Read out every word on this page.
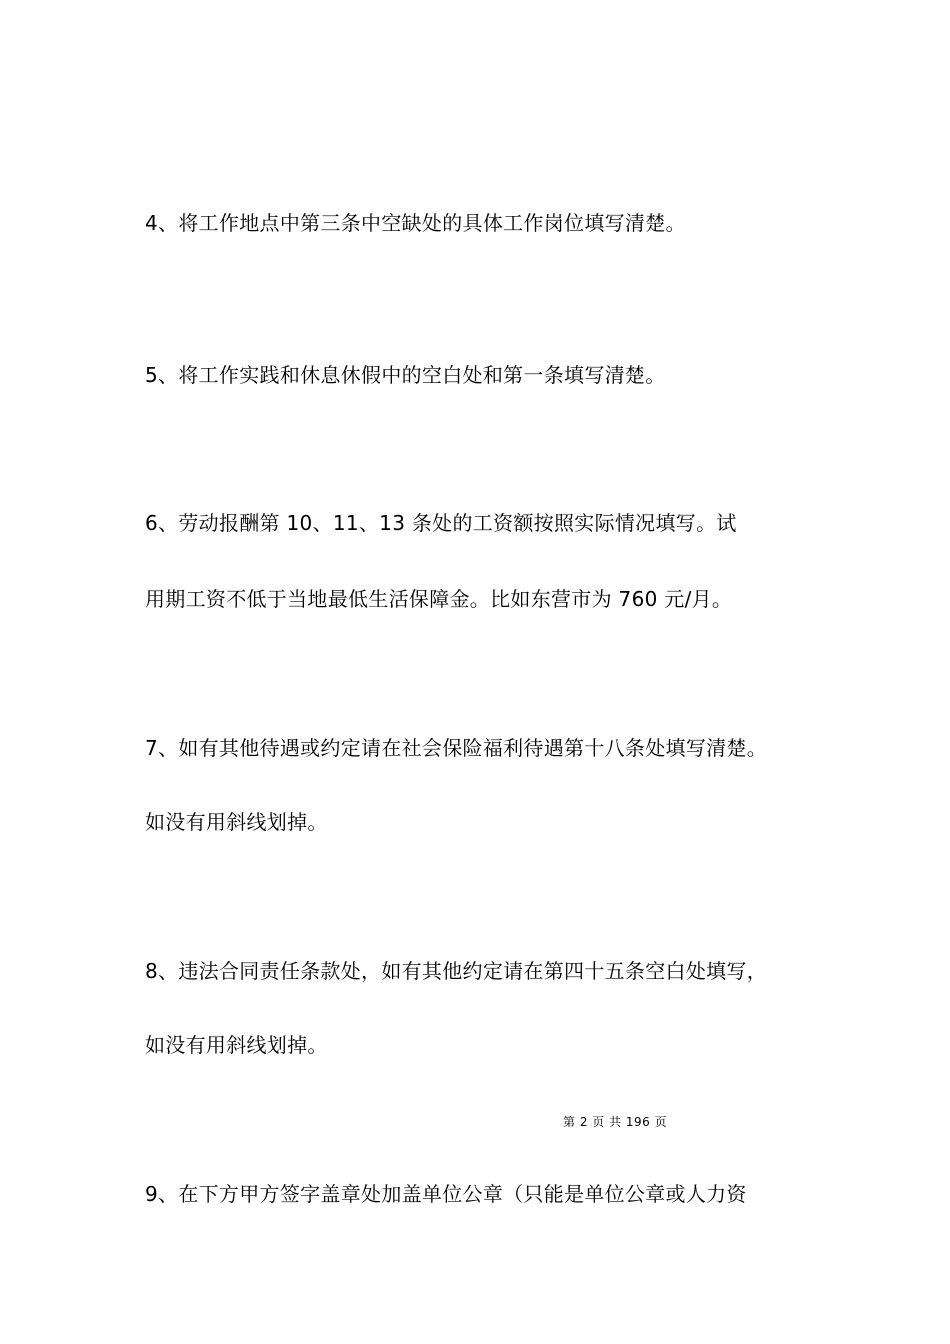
4、将工作地点中第三条中空缺处的具体工作岗位填写清楚。
5、将工作实践和休息休假中的空白处和第一条填写清楚。
6、劳动报酬第 10、11、13 条处的工资额按照实际情况填写。试
用期工资不低于当地最低生活保障金。比如东营市为 760 元/月。
7、如有其他待遇或约定请在社会保险福利待遇第十八条处填写清楚。
如没有用斜线划掉。
8、违法合同责任条款处，如有其他约定请在第四十五条空白处填写，
如没有用斜线划掉。
第 2 页 共 196 页
9、在下方甲方签字盖章处加盖单位公章（只能是单位公章或人力资
